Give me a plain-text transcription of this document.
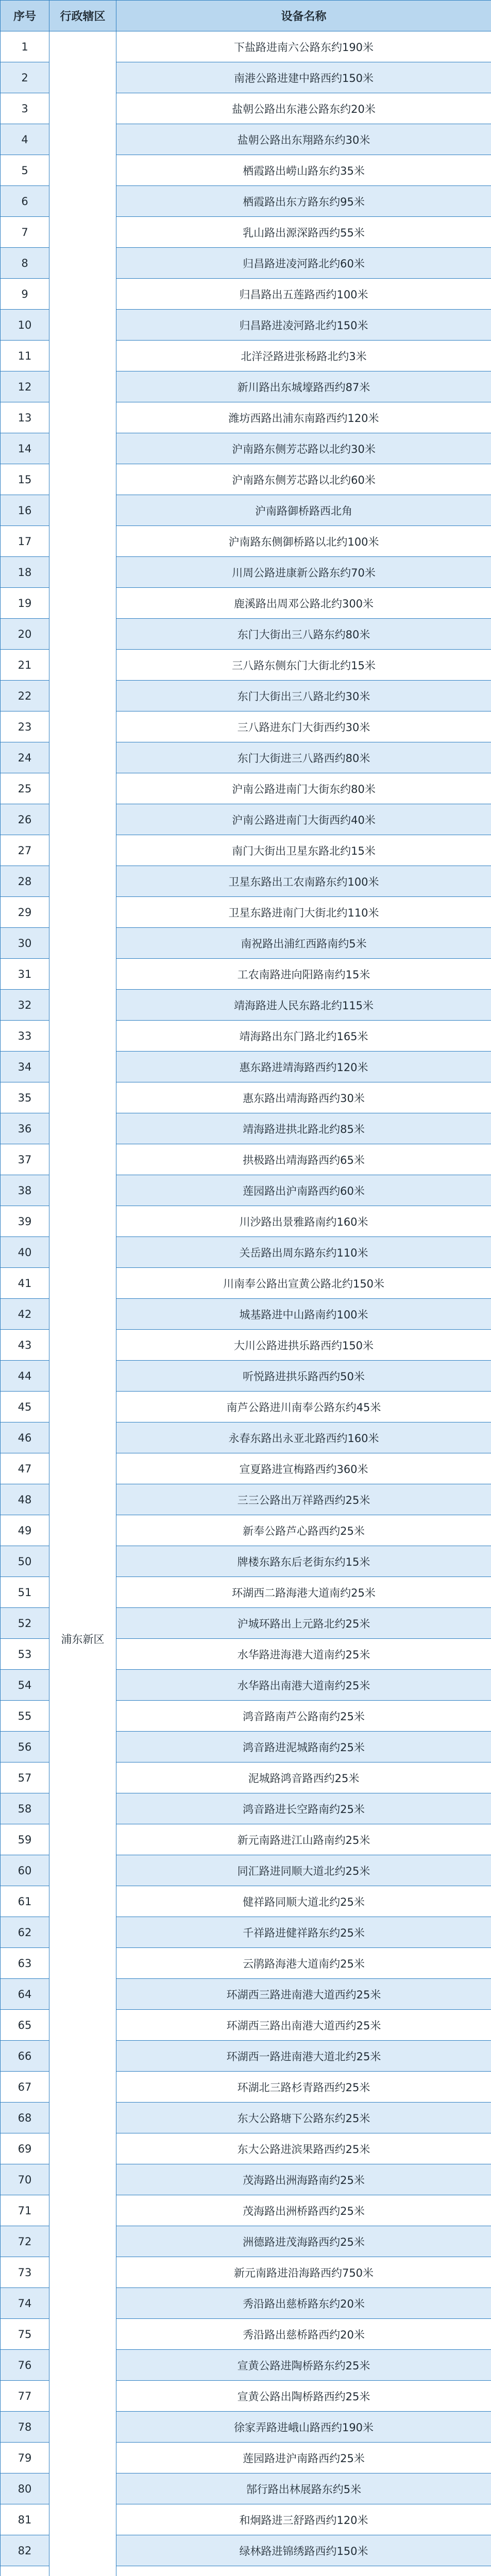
序号	行政辖区	设备名称
1	浦东新区	下盐路进南六公路东约190米
2		南港公路进建中路西约150米
3		盐朝公路出东港公路东约20米
4		盐朝公路出东翔路东约30米
5		栖霞路出崂山路东约35米
6		栖霞路出东方路东约95米
7		乳山路出源深路西约55米
8		归昌路进凌河路北约60米
9		归昌路出五莲路西约100米
10		归昌路进凌河路北约150米
11		北洋泾路进张杨路北约3米
12		新川路出东城壕路西约87米
13		潍坊西路出浦东南路西约120米
14		沪南路东侧芳芯路以北约30米
15		沪南路东侧芳芯路以北约60米
16		沪南路御桥路西北角
17		沪南路东侧御桥路以北约100米
18		川周公路进康新公路东约70米
19		鹿溪路出周邓公路北约300米
20		东门大街出三八路东约80米
21		三八路东侧东门大街北约15米
22		东门大街出三八路北约30米
23		三八路进东门大街西约30米
24		东门大街进三八路西约80米
25		沪南公路进南门大街东约80米
26		沪南公路进南门大街西约40米
27		南门大街出卫星东路北约15米
28		卫星东路出工农南路东约100米
29		卫星东路进南门大街北约110米
30		南祝路出浦红西路南约5米
31		工农南路进向阳路南约15米
32		靖海路进人民东路北约115米
33		靖海路出东门路北约165米
34		惠东路进靖海路西约120米
35		惠东路出靖海路西约30米
36		靖海路进拱北路北约85米
37		拱极路出靖海路西约65米
38		莲园路出沪南路西约60米
39		川沙路出景雅路南约160米
40		关岳路出周东路东约110米
41		川南奉公路出宣黄公路北约150米
42		城基路进中山路南约100米
43		大川公路进拱乐路西约150米
44		听悦路进拱乐路西约50米
45		南芦公路进川南奉公路东约45米
46		永春东路出永亚北路西约160米
47		宣夏路进宣梅路西约360米
48		三三公路出万祥路西约25米
49		新奉公路芦心路西约25米
50		牌楼东路东后老街东约15米
51		环湖西二路海港大道南约25米
52		沪城环路出上元路北约25米
53		水华路进海港大道南约25米
54		水华路出南港大道南约25米
55		鸿音路南芦公路南约25米
56		鸿音路进泥城路南约25米
57		泥城路鸿音路西约25米
58		鸿音路进长空路南约25米
59		新元南路进江山路南约25米
60		同汇路进同顺大道北约25米
61		健祥路同顺大道北约25米
62		千祥路进健祥路东约25米
63		云鹃路海港大道南约25米
64		环湖西三路进南港大道西约25米
65		环湖西三路出南港大道西约25米
66		环湖西一路进南港大道北约25米
67		环湖北三路杉青路西约25米
68		东大公路塘下公路东约25米
69		东大公路进滨果路西约25米
70		茂海路出洲海路南约25米
71		茂海路出洲桥路西约25米
72		洲德路进茂海路西约25米
73		新元南路进沿海路西约750米
74		秀沿路出慈桥路东约20米
75		秀沿路出慈桥路西约20米
76		宣黄公路进陶桥路东约25米
77		宣黄公路出陶桥路西约25米
78		徐家弄路进峨山路西约190米
79		莲园路进沪南路西约25米
80		郜行路出林展路东约5米
81		和炯路进三舒路西约120米
82		绿林路进锦绣路西约150米
